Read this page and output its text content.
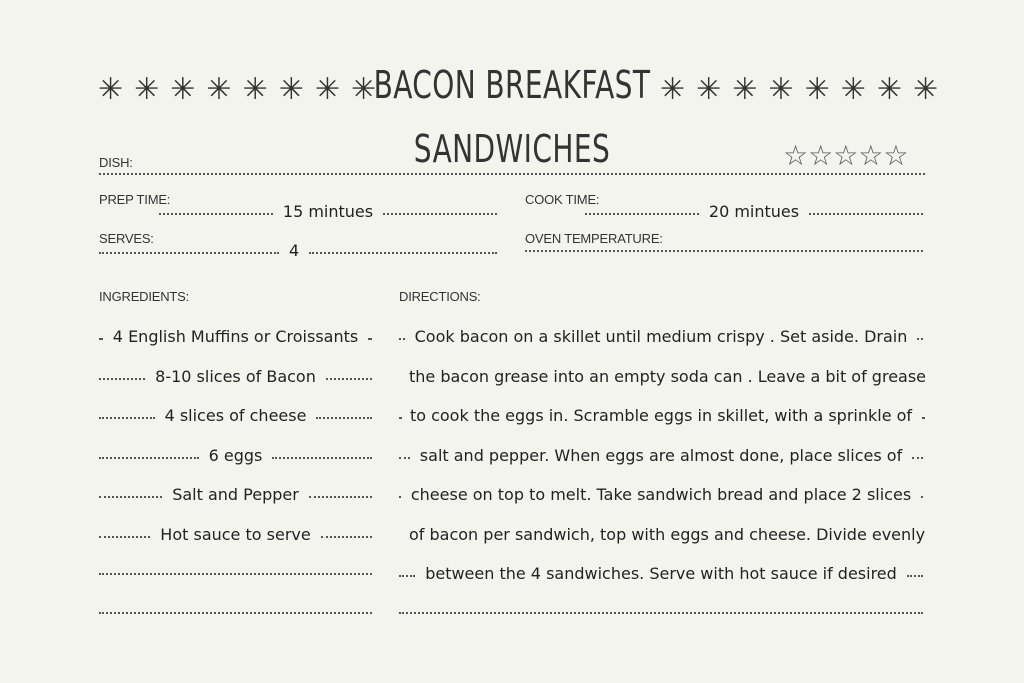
✳ ✳ ✳ ✳ ✳ ✳ ✳ ✳	✳ ✳ ✳ ✳ ✳ ✳ ✳ ✳
BACON BREAKFAST
SANDWICHES
DISH:	☆☆☆☆☆
PREP TIME:
15 mintues
COOK TIME:
20 mintues
SERVES:
4
OVEN TEMPERATURE:
INGREDIENTS:	DIRECTIONS:
4 English Muffins or Croissants
8-10 slices of Bacon
4 slices of cheese
6 eggs
Salt and Pepper
Hot sauce to serve
Cook bacon on a skillet until medium crispy . Set aside. Drain
the bacon grease into an empty soda can . Leave a bit of grease
to cook the eggs in. Scramble eggs in skillet, with a sprinkle of
salt and pepper. When eggs are almost done, place slices of
cheese on top to melt. Take sandwich bread and place 2 slices
of bacon per sandwich, top with eggs and cheese. Divide evenly
between the 4 sandwiches. Serve with hot sauce if desired
